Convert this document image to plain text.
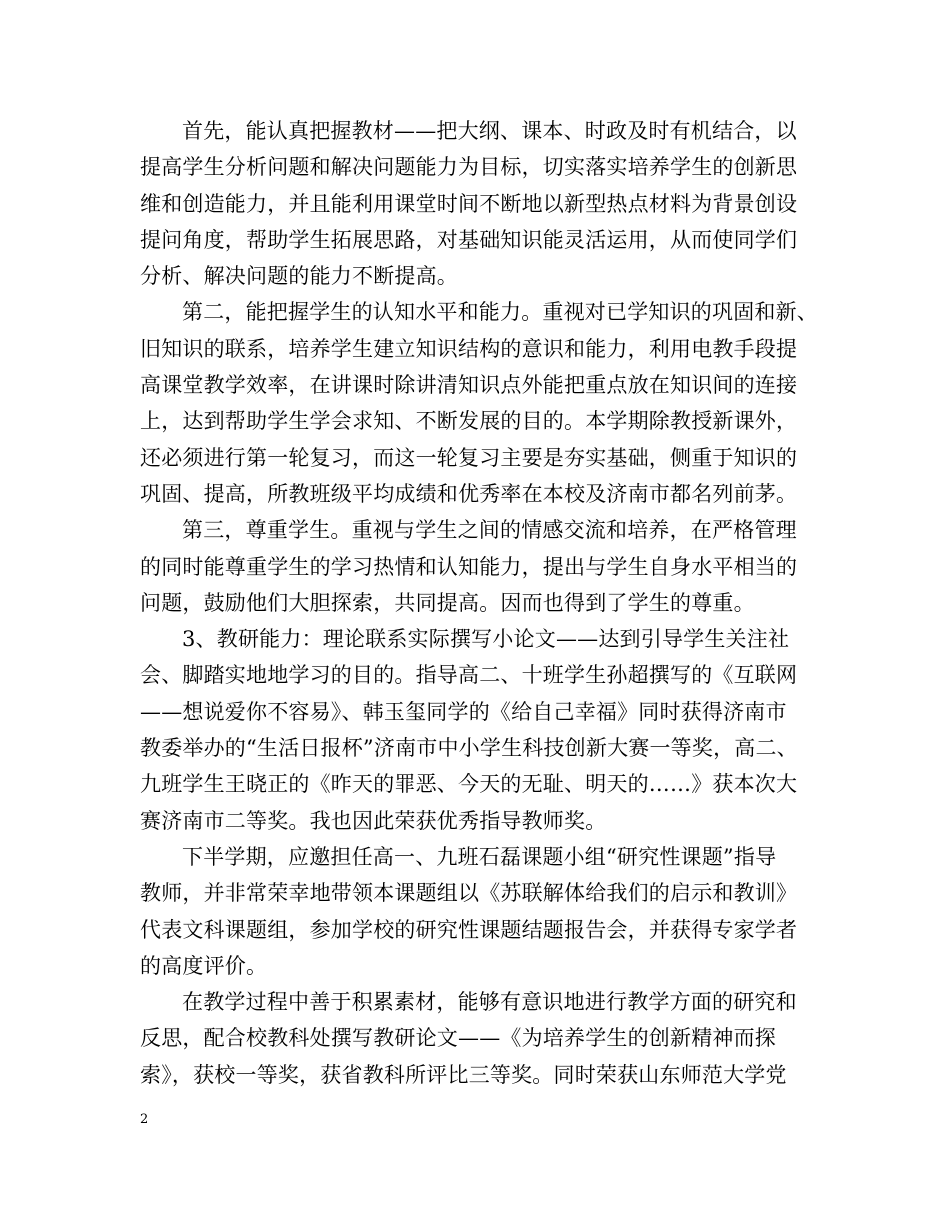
首先，能认真把握教材——把大纲、课本、时政及时有机结合，以
提高学生分析问题和解决问题能力为目标，切实落实培养学生的创新思
维和创造能力，并且能利用课堂时间不断地以新型热点材料为背景创设
提问角度，帮助学生拓展思路，对基础知识能灵活运用，从而使同学们
分析、解决问题的能力不断提高。
第二，能把握学生的认知水平和能力。重视对已学知识的巩固和新、
旧知识的联系，培养学生建立知识结构的意识和能力，利用电教手段提
高课堂教学效率，在讲课时除讲清知识点外能把重点放在知识间的连接
上，达到帮助学生学会求知、不断发展的目的。本学期除教授新课外，
还必须进行第一轮复习，而这一轮复习主要是夯实基础，侧重于知识的
巩固、提高，所教班级平均成绩和优秀率在本校及济南市都名列前茅。
第三，尊重学生。重视与学生之间的情感交流和培养，在严格管理
的同时能尊重学生的学习热情和认知能力，提出与学生自身水平相当的
问题，鼓励他们大胆探索，共同提高。因而也得到了学生的尊重。
3、教研能力：理论联系实际撰写小论文——达到引导学生关注社
会、脚踏实地地学习的目的。指导高二、十班学生孙超撰写的《互联网
——想说爱你不容易》、韩玉玺同学的《给自己幸福》同时获得济南市
教委举办的“生活日报杯”济南市中小学生科技创新大赛一等奖，高二、
九班学生王晓正的《昨天的罪恶、今天的无耻、明天的……》获本次大
赛济南市二等奖。我也因此荣获优秀指导教师奖。
下半学期，应邀担任高一、九班石磊课题小组“研究性课题”指导
教师，并非常荣幸地带领本课题组以《苏联解体给我们的启示和教训》
代表文科课题组，参加学校的研究性课题结题报告会，并获得专家学者
的高度评价。
在教学过程中善于积累素材，能够有意识地进行教学方面的研究和
反思，配合校教科处撰写教研论文——《为培养学生的创新精神而探
索》，获校一等奖，获省教科所评比三等奖。同时荣获山东师范大学党
2
